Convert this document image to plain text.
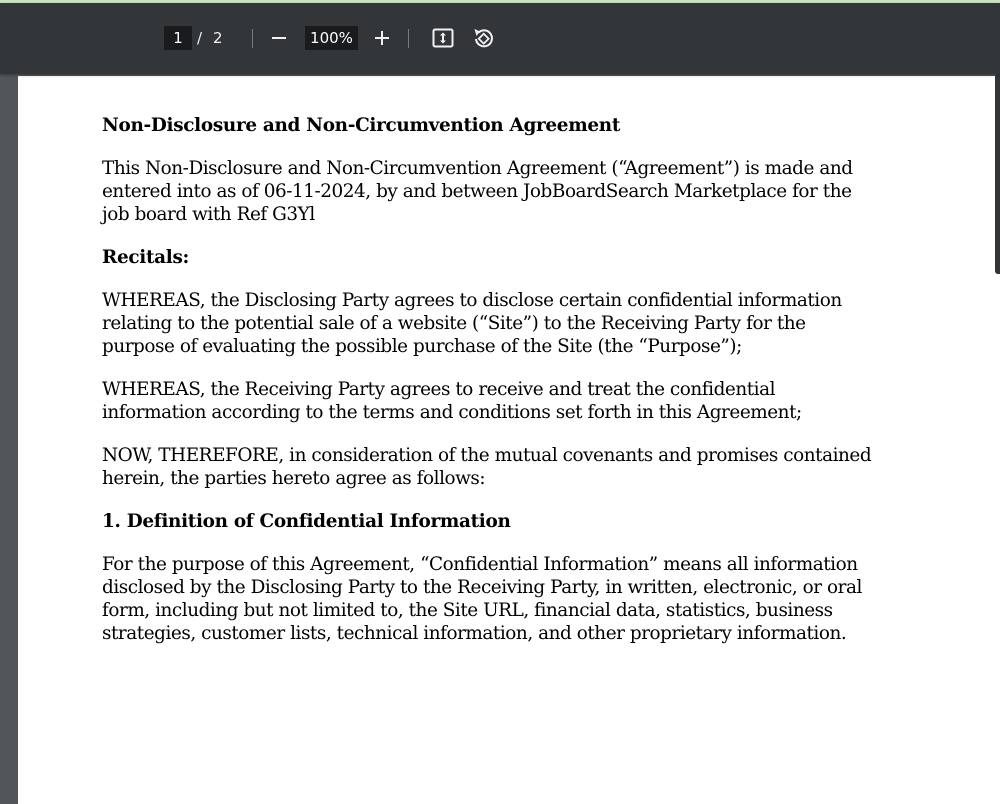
1 / 2	100%

Non-Disclosure and Non-Circumvention Agreement

This Non-Disclosure and Non-Circumvention Agreement (“Agreement”) is made and entered into as of 06-11-2024, by and between JobBoardSearch Marketplace for the job board with Ref G3Yl

Recitals:

WHEREAS, the Disclosing Party agrees to disclose certain confidential information relating to the potential sale of a website (“Site”) to the Receiving Party for the purpose of evaluating the possible purchase of the Site (the “Purpose”);

WHEREAS, the Receiving Party agrees to receive and treat the confidential information according to the terms and conditions set forth in this Agreement;

NOW, THEREFORE, in consideration of the mutual covenants and promises contained herein, the parties hereto agree as follows:

1. Definition of Confidential Information

For the purpose of this Agreement, “Confidential Information” means all information disclosed by the Disclosing Party to the Receiving Party, in written, electronic, or oral form, including but not limited to, the Site URL, financial data, statistics, business strategies, customer lists, technical information, and other proprietary information.
